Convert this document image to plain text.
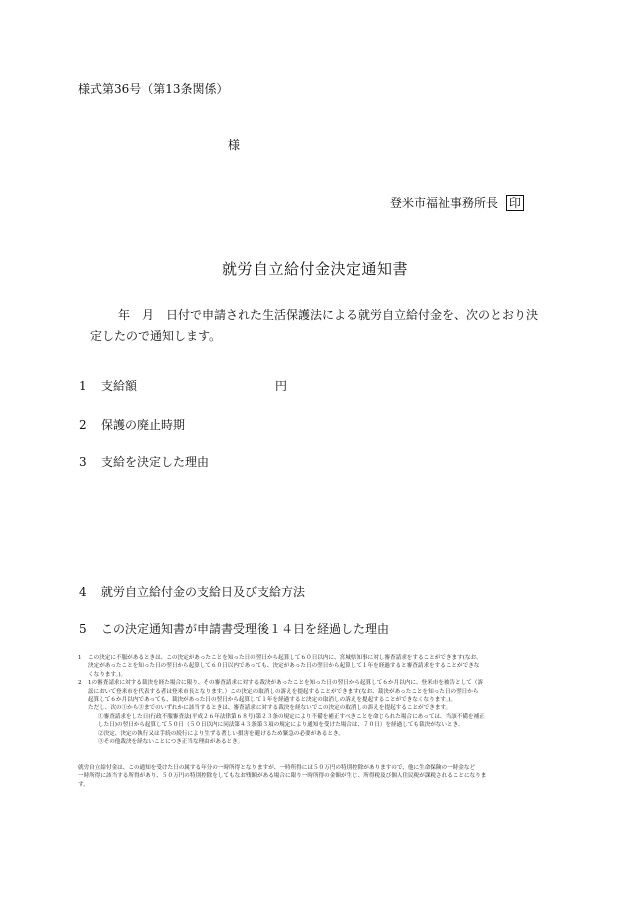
様式第36号（第13条関係）
様
登米市福祉事務所長 印
就労自立給付金決定通知書
年　月　日付で申請された生活保護法による就労自立給付金を、次のとおり決
定したので通知します。
1 支給額	円
2 保護の廃止時期
3 支給を決定した理由
4 就労自立給付金の支給日及び支給方法
5 この決定通知書が申請書受理後１４日を経過した理由
1	この決定に不服があるときは、この決定があったことを知った日の翌日から起算して６０日以内に、宮城県知事に対し審査請求をすることができます(なお、
決定があったことを知った日の翌日から起算して６０日以内であっても、決定があった日の翌日から起算して１年を経過すると審査請求をすることができな
くなります。)。
2	1の審査請求に対する裁決を経た場合に限り、その審査請求に対する裁決があったことを知った日の翌日から起算して６か月以内に、登米市を被告として（訴
訟において登米市を代表する者は登米市長となります。）この決定の取消しの訴えを提起することができます(なお、裁決があったことを知った日の翌日から
起算して６か月以内であっても、裁決があった日の翌日から起算して１年を経過すると決定の取消しの訴えを提起することができなくなります。)。
ただし、次の①から③までのいずれかに該当するときは、審査請求に対する裁決を経ないでこの決定の取消しの訴えを提起することができます。
①審査請求をした日(行政不服審査法(平成２６年法律第６８号)第２３条の規定により不備を補正すべきことを命じられた場合にあっては、当該不備を補正
した日)の翌日から起算して５０日（５０日以内に同法第４３条第３項の規定により通知を受けた場合は、７０日）を経過しても裁決がないとき。
②決定、決定の執行又は手続の続行により生ずる著しい損害を避けるため緊急の必要があるとき。
③その他裁決を経ないことにつき正当な理由があるとき。
就労自立給付金は、この通知を受けた日の属する年分の一時所得となりますが、一時所得には５０万円の特別控除がありますので、他に生命保険の一時金など
一時所得に該当する所得があり、５０万円の特別控除をしてもなお残額がある場合に限り一時所得の金額が生じ、所得税及び個人住民税が課税されることになりま
す。
